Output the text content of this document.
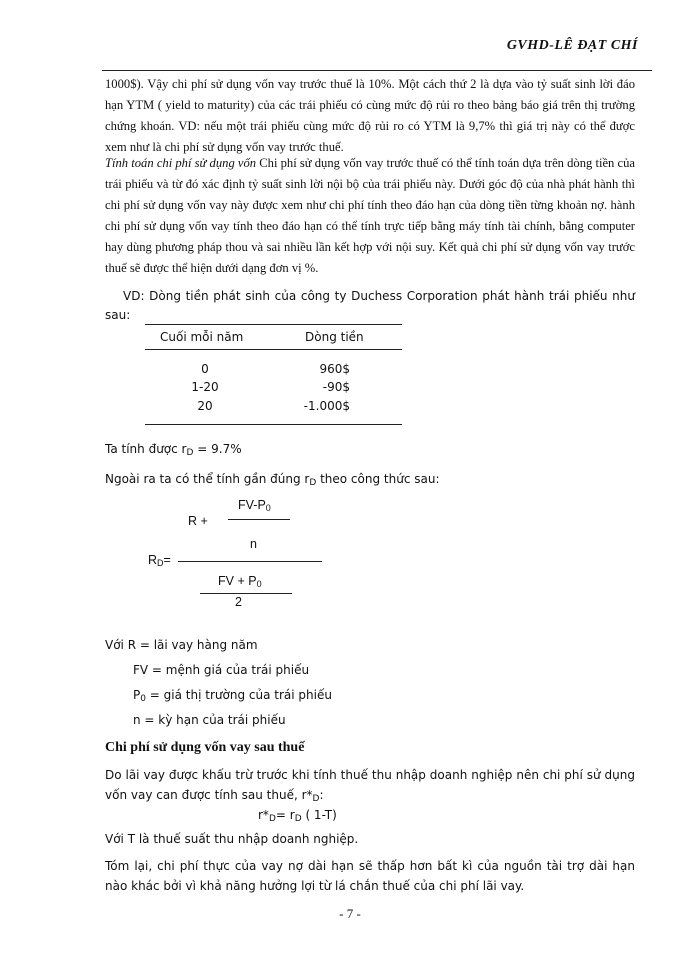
GVHD-LÊ ĐẠT CHÍ
1000$). Vậy chi phí sử dụng vốn vay trước thuế là 10%. Một cách thứ 2 là dựa vào tỷ suất sinh lời đáo hạn YTM ( yield to maturity) của các trái phiếu có cùng mức độ rủi ro theo bảng báo giá trên thị trường chứng khoán. VD: nếu một trái phiếu cùng mức độ rủi ro có YTM là 9,7% thì giá trị này có thể được xem như là chi phí sử dụng vốn vay trước thuế.
Tính toán chi phí sử dụng vốn Chi phí sử dụng vốn vay trước thuế có thể tính toán dựa trên dòng tiền của trái phiếu và từ đó xác định tỷ suất sinh lời nội bộ của trái phiếu này. Dưới góc độ của nhà phát hành thì chi phí sử dụng vốn vay này được xem như chi phí tính theo đáo hạn của dòng tiền từng khoản nợ. hành chi phí sử dụng vốn vay tính theo đáo hạn có thể tính trực tiếp bằng máy tính tài chính, bằng computer hay dùng phương pháp thou và sai nhiều lần kết hợp với nội suy. Kết quả chi phí sử dụng vốn vay trước thuế sẽ được thể hiện dưới dạng đơn vị %.
VD: Dòng tiền phát sinh của công ty Duchess Corporation phát hành trái phiếu như sau:
Cuối mỗi năm	Dòng tiền
0	960$
1-20	-90$
20	-1.000$
Ta tính được $r_D = 9.7\%$
Ngoài ra ta có thể tính gần đúng $r_D$ theo công thức sau:
$FV-P_0$
R +
n
$R_D=$
FV + $P_0$
2
Với R = lãi vay hàng năm
FV = mệnh giá của trái phiếu
$P_0$ = giá thị trường của trái phiếu
n = kỳ hạn của trái phiếu
Chi phí sử dụng vốn vay sau thuế
Do lãi vay được khấu trừ trước khi tính thuế thu nhập doanh nghiệp nên chi phí sử dụng vốn vay can được tính sau thuế, $r*_D$:
$r*_D= r_D$ ( 1-T)
Với T là thuế suất thu nhập doanh nghiệp.
Tóm lại, chi phí thực của vay nợ dài hạn sẽ thấp hơn bất kì của nguồn tài trợ dài hạn nào khác bởi vì khả năng hưởng lợi từ lá chắn thuế của chi phí lãi vay.
- 7 -
